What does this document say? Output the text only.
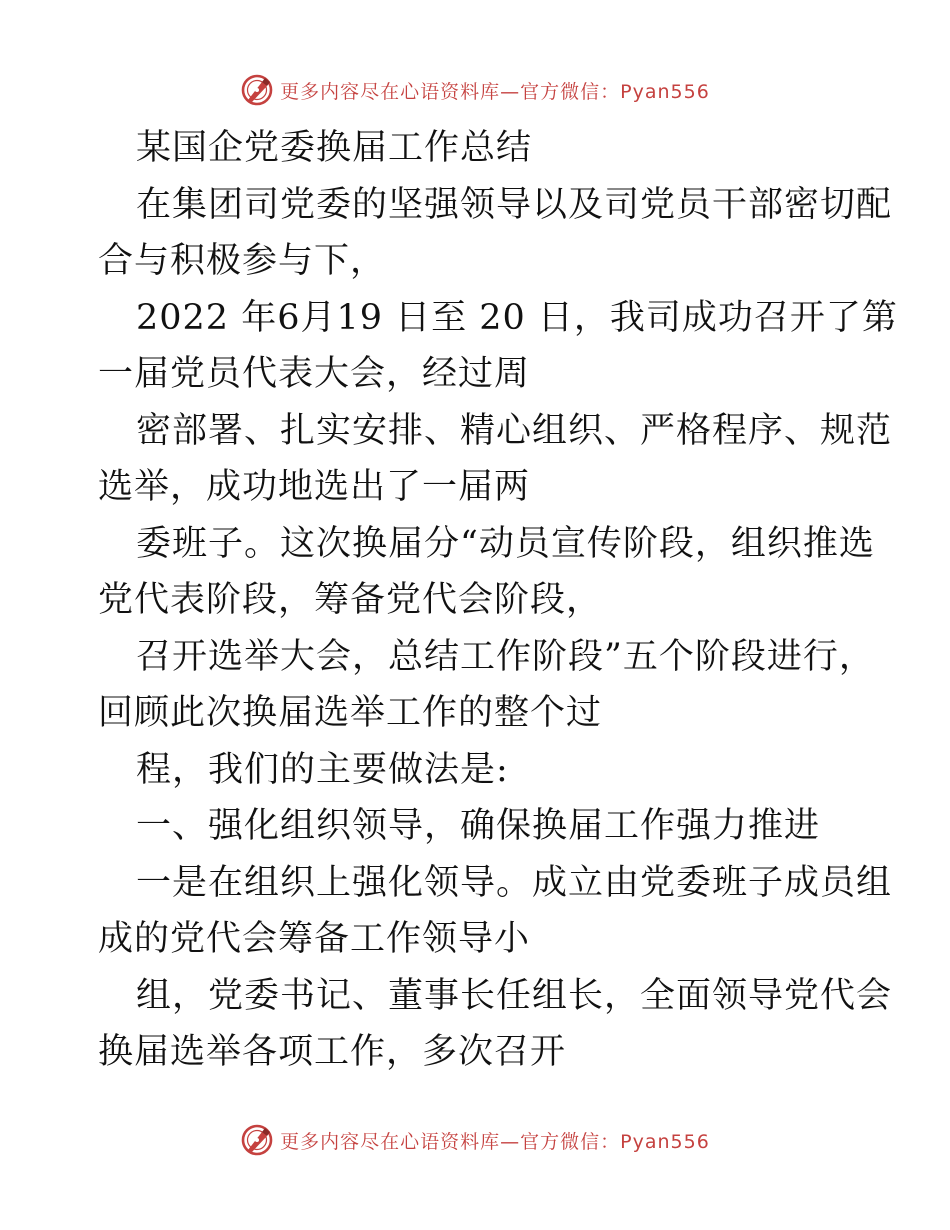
更多内容尽在心语资料库—官方微信：Pyan556
某国企党委换届工作总结
在集团司党委的坚强领导以及司党员干部密切配
合与积极参与下，
2022 年6月19 日至 20 日，我司成功召开了第
一届党员代表大会，经过周
密部署、扎实安排、精心组织、严格程序、规范
选举，成功地选出了一届两
委班子。这次换届分“动员宣传阶段，组织推选
党代表阶段，筹备党代会阶段，
召开选举大会，总结工作阶段”五个阶段进行，
回顾此次换届选举工作的整个过
程，我们的主要做法是:
一、强化组织领导，确保换届工作强力推进
一是在组织上强化领导。成立由党委班子成员组
成的党代会筹备工作领导小
组，党委书记、董事长任组长，全面领导党代会
换届选举各项工作，多次召开
更多内容尽在心语资料库—官方微信：Pyan556
